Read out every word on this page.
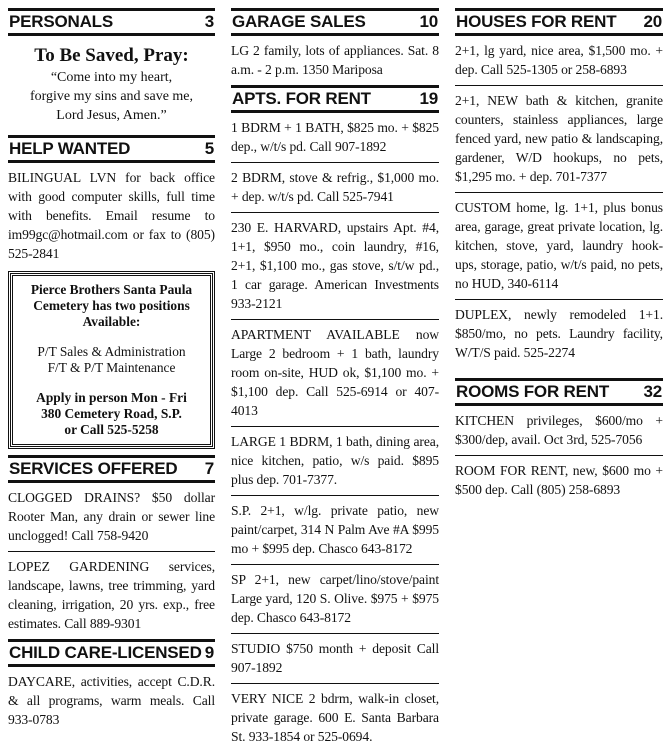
PERSONALS	3
To Be Saved, Pray:
“Come into my heart,
forgive my sins and save me,
Lord Jesus, Amen.”
HELP WANTED	5
BILINGUAL LVN for back office with good computer skills, full time with benefits. Email resume to im99gc@hotmail.com or fax to (805) 525-2841
Pierce Brothers Santa Paula
Cemetery has two positions
Available:
P/T Sales & Administration
F/T & P/T Maintenance
Apply in person Mon - Fri
380 Cemetery Road, S.P.
or Call 525-5258
SERVICES OFFERED 7
CLOGGED DRAINS? $50 dollar Rooter Man, any drain or sewer line unclogged! Call 758-9420
LOPEZ GARDENING services, landscape, lawns, tree trimming, yard cleaning, irrigation, 20 yrs. exp., free estimates. Call 889-9301
CHILD CARE-LICENSED 9
DAYCARE, activities, accept C.D.R. & all programs, warm meals. Call 933-0783
GARAGE SALES	10
LG 2 family, lots of appliances. Sat. 8 a.m. - 2 p.m. 1350 Mariposa
APTS. FOR RENT	19
1 BDRM + 1 BATH, $825 mo. + $825 dep., w/t/s pd. Call 907-1892
2 BDRM, stove & refrig., $1,000 mo. + dep. w/t/s pd. Call 525-7941
230 E. HARVARD, upstairs Apt. #4, 1+1, $950 mo., coin laundry, #16, 2+1, $1,100 mo., gas stove, s/t/w pd., 1 car garage. American Investments 933-2121
APARTMENT AVAILABLE now Large 2 bedroom + 1 bath, laundry room on-site, HUD ok, $1,100 mo. + $1,100 dep. Call 525-6914 or 407-4013
LARGE 1 BDRM, 1 bath, dining area, nice kitchen, patio, w/s paid. $895 plus dep. 701-7377.
S.P. 2+1, w/lg. private patio, new paint/carpet, 314 N Palm Ave #A $995 mo + $995 dep. Chasco 643-8172
SP 2+1, new carpet/lino/stove/paint Large yard, 120 S. Olive. $975 + $975 dep. Chasco 643-8172
STUDIO $750 month + deposit Call 907-1892
VERY NICE 2 bdrm, walk-in closet, private garage. 600 E. Santa Barbara St. 933-1854 or 525-0694.
HOUSES FOR RENT 20
2+1, lg yard, nice area, $1,500 mo. + dep. Call 525-1305 or 258-6893
2+1, NEW bath & kitchen, granite counters, stainless appliances, large fenced yard, new patio & landscaping, gardener, W/D hookups, no pets, $1,295 mo. + dep. 701-7377
CUSTOM home, lg. 1+1, plus bonus area, garage, great private location, lg. kitchen, stove, yard, laundry hook-ups, storage, patio, w/t/s paid, no pets, no HUD, 340-6114
DUPLEX, newly remodeled 1+1. $850/mo, no pets. Laundry facility, W/T/S paid. 525-2274
ROOMS FOR RENT 32
KITCHEN privileges, $600/mo + $300/dep, avail. Oct 3rd, 525-7056
ROOM FOR RENT, new, $600 mo + $500 dep. Call (805) 258-6893
